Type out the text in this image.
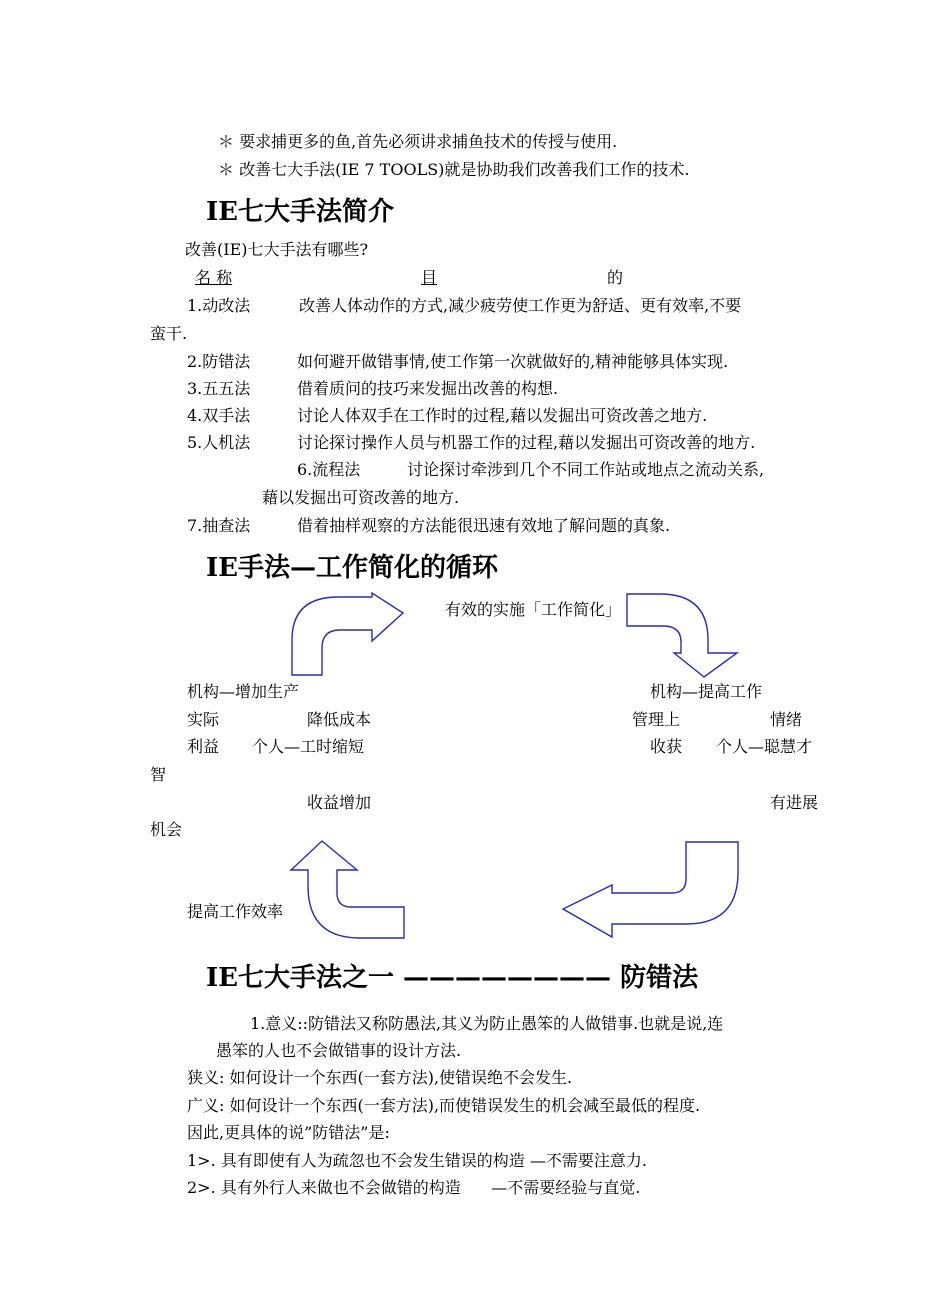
＊ 要求捕更多的鱼,首先必须讲求捕鱼技术的传授与使用.
＊ 改善七大手法(IE 7 TOOLS)就是协助我们改善我们工作的技术.
IE七大手法简介
改善(IE)七大手法有哪些?
名 称	目	的
1.动改法	改善人体动作的方式,减少疲劳使工作更为舒适、更有效率,不要
蛮干.
2.防错法	如何避开做错事情,使工作第一次就做好的,精神能够具体实现.
3.五五法	借着质问的技巧来发掘出改善的构想.
4.双手法	讨论人体双手在工作时的过程,藉以发掘出可资改善之地方.
5.人机法	讨论探讨操作人员与机器工作的过程,藉以发掘出可资改善的地方.
6.流程法	讨论探讨牵涉到几个不同工作站或地点之流动关系,
藉以发掘出可资改善的地方.
7.抽查法	借着抽样观察的方法能很迅速有效地了解问题的真象.
IE手法—工作简化的循环
有效的实施「工作简化」
机构—增加生产
实际	降低成本
利益 个人—工时缩短
智
收益增加
机会
机构—提高工作
管理上	情绪
收获 个人—聪慧才
有进展
提高工作效率
IE七大手法之一 ———————— 防错法
1.意义::防错法又称防愚法,其义为防止愚笨的人做错事.也就是说,连
愚笨的人也不会做错事的设计方法.
狭义: 如何设计一个东西(一套方法),使错误绝不会发生.
广义: 如何设计一个东西(一套方法),而使错误发生的机会减至最低的程度.
因此,更具体的说”防错法”是:
1>. 具有即使有人为疏忽也不会发生错误的构造 —不需要注意力.
2>. 具有外行人来做也不会做错的构造      —不需要经验与直觉.
